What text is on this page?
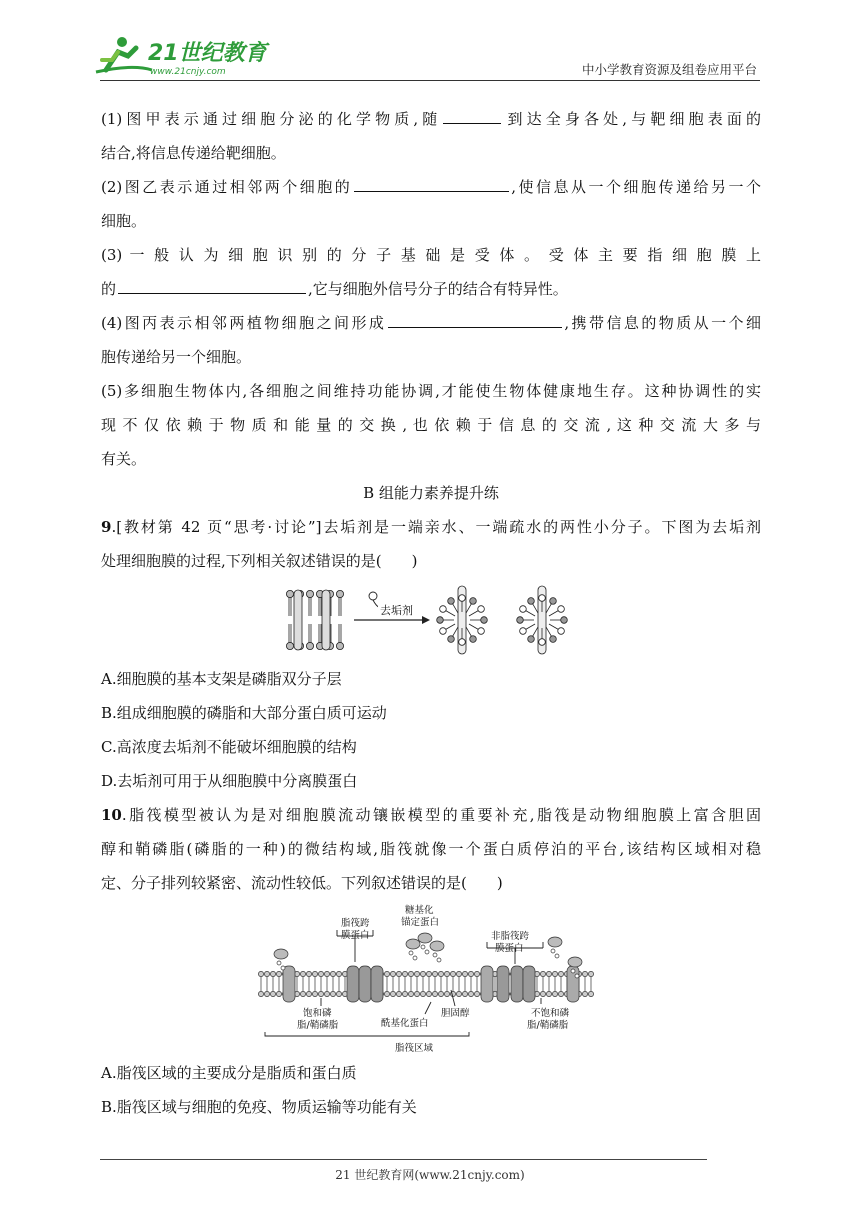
21世纪教育
www.21cnjy.com	中小学教育资源及组卷应用平台

(1)图甲表示通过细胞分泌的化学物质,随	到达全身各处,与靶细胞表面的

结合,将信息传递给靶细胞。

(2)图乙表示通过相邻两个细胞的	,使信息从一个细胞传递给另一个

细胞。

(3) 一 般 认 为 细 胞 识 别 的 分 子 基 础 是 受 体 。 受 体 主 要 指 细 胞 膜 上

的	,它与细胞外信号分子的结合有特异性。

(4)图丙表示相邻两植物细胞之间形成	,携带信息的物质从一个细

胞传递给另一个细胞。

(5)多细胞生物体内,各细胞之间维持功能协调,才能使生物体健康地生存。这种协调性的实

现 不 仅 依 赖 于 物 质 和 能 量 的 交 换 , 也 依 赖 于 信 息 的 交 流 , 这 种 交 流 大 多 与

有关。

B 组能力素养提升练

9.[教材第 42 页“思考·讨论”]去垢剂是一端亲水、一端疏水的两性小分子。下图为去垢剂

处理细胞膜的过程,下列相关叙述错误的是(　　)

去垢剂
A.细胞膜的基本支架是磷脂双分子层
B.组成细胞膜的磷脂和大部分蛋白质可运动
C.高浓度去垢剂不能破坏细胞膜的结构
D.去垢剂可用于从细胞膜中分离膜蛋白

10.脂筏模型被认为是对细胞膜流动镶嵌模型的重要补充,脂筏是动物细胞膜上富含胆固

醇和鞘磷脂(磷脂的一种)的微结构域,脂筏就像一个蛋白质停泊的平台,该结构区域相对稳

定、分子排列较紧密、流动性较低。下列叙述错误的是(　　)

脂筏跨
膜蛋白
糖基化
锚定蛋白
非脂筏跨
膜蛋白
饱和磷
脂/鞘磷脂	酰基化蛋白
胆固醇	不饱和磷
脂/鞘磷脂
脂筏区域
A.脂筏区域的主要成分是脂质和蛋白质
B.脂筏区域与细胞的免疫、物质运输等功能有关
21 世纪教育网(www.21cnjy.com)
